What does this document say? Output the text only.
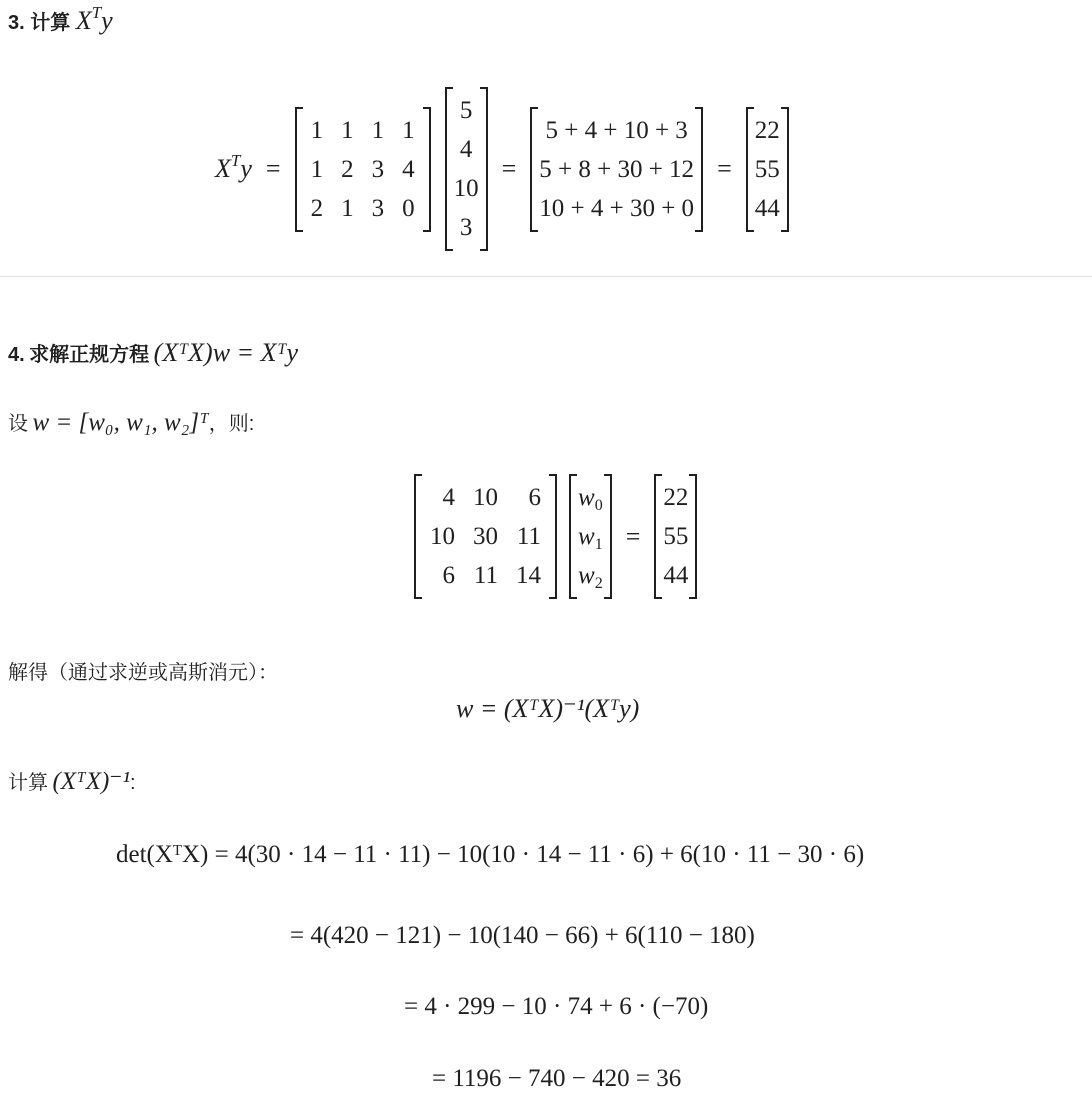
3. 计算 $X^Ty$
$X^Ty$ =
1	1	1	1
1	2	3	4
2	1	3	0
5
4
10
3
=
5 + 4 + 10 + 3
5 + 8 + 30 + 12
10 + 4 + 30 + 0
=
22
55
44
4. 求解正规方程 (XᵀX)w = Xᵀy
设 w = [w₀, w₁, w₂]ᵀ，则:
4	10	6
10	30	11
6	11	14
$w_0$
$w_1$
$w_2$
=
22
55
44
解得（通过求逆或高斯消元）：
w = (XᵀX)⁻¹(Xᵀy)
计算 (XᵀX)⁻¹:
det(XᵀX) = 4(30 · 14 − 11 · 11) − 10(10 · 14 − 11 · 6) + 6(10 · 11 − 30 · 6)
= 4(420 − 121) − 10(140 − 66) + 6(110 − 180)
= 4 · 299 − 10 · 74 + 6 · (−70)
= 1196 − 740 − 420 = 36
